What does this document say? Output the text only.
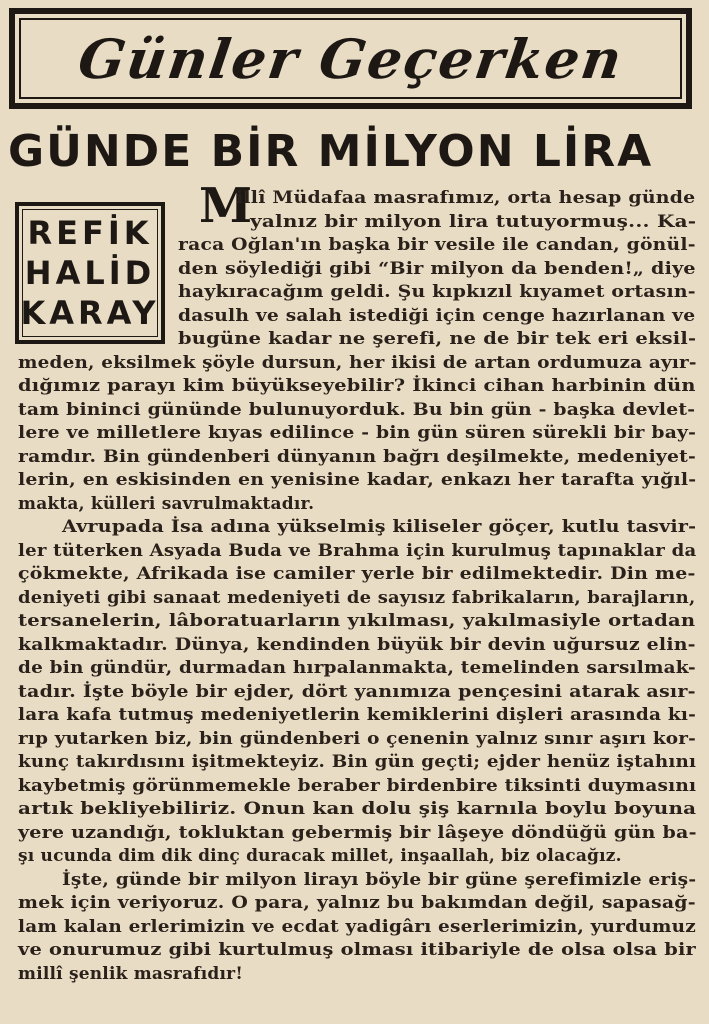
Günler Geçerken
GÜNDE BİR MİLYON LİRA
REFİK
HALİD
KARAY
M
illî Müdafaa masrafımız, orta hesap günde
yalnız bir milyon lira tutuyormuş... Ka-
raca Oğlan'ın başka bir vesile ile candan, gönül-
den söylediği gibi “Bir milyon da benden!„ diye
haykıracağım geldi. Şu kıpkızıl kıyamet ortasın-
dasulh ve salah istediği için cenge hazırlanan ve
bugüne kadar ne şerefi, ne de bir tek eri eksil-
meden, eksilmek şöyle dursun, her ikisi de artan ordumuza ayır-
dığımız parayı kim büyükseyebilir? İkinci cihan harbinin dün
tam bininci gününde bulunuyorduk. Bu bin gün - başka devlet-
lere ve milletlere kıyas edilince - bin gün süren sürekli bir bay-
ramdır. Bin gündenberi dünyanın bağrı deşilmekte, medeniyet-
lerin, en eskisinden en yenisine kadar, enkazı her tarafta yığıl-
makta, külleri savrulmaktadır.
Avrupada İsa adına yükselmiş kiliseler göçer, kutlu tasvir-
ler tüterken Asyada Buda ve Brahma için kurulmuş tapınaklar da
çökmekte, Afrikada ise camiler yerle bir edilmektedir. Din me-
deniyeti gibi sanaat medeniyeti de sayısız fabrikaların, barajların,
tersanelerin, lâboratuarların yıkılması, yakılmasiyle ortadan
kalkmaktadır. Dünya, kendinden büyük bir devin uğursuz elin-
de bin gündür, durmadan hırpalanmakta, temelinden sarsılmak-
tadır. İşte böyle bir ejder, dört yanımıza pençesini atarak asır-
lara kafa tutmuş medeniyetlerin kemiklerini dişleri arasında kı-
rıp yutarken biz, bin gündenberi o çenenin yalnız sınır aşırı kor-
kunç takırdısını işitmekteyiz. Bin gün geçti; ejder henüz iştahını
kaybetmiş görünmemekle beraber birdenbire tiksinti duymasını
artık bekliyebiliriz. Onun kan dolu şiş karnıla boylu boyuna
yere uzandığı, tokluktan gebermiş bir lâşeye döndüğü gün ba-
şı ucunda dim dik dinç duracak millet, inşaallah, biz olacağız.
İşte, günde bir milyon lirayı böyle bir güne şerefimizle eriş-
mek için veriyoruz. O para, yalnız bu bakımdan değil, sapasağ-
lam kalan erlerimizin ve ecdat yadigârı eserlerimizin, yurdumuz
ve onurumuz gibi kurtulmuş olması itibariyle de olsa olsa bir
millî şenlik masrafıdır!
